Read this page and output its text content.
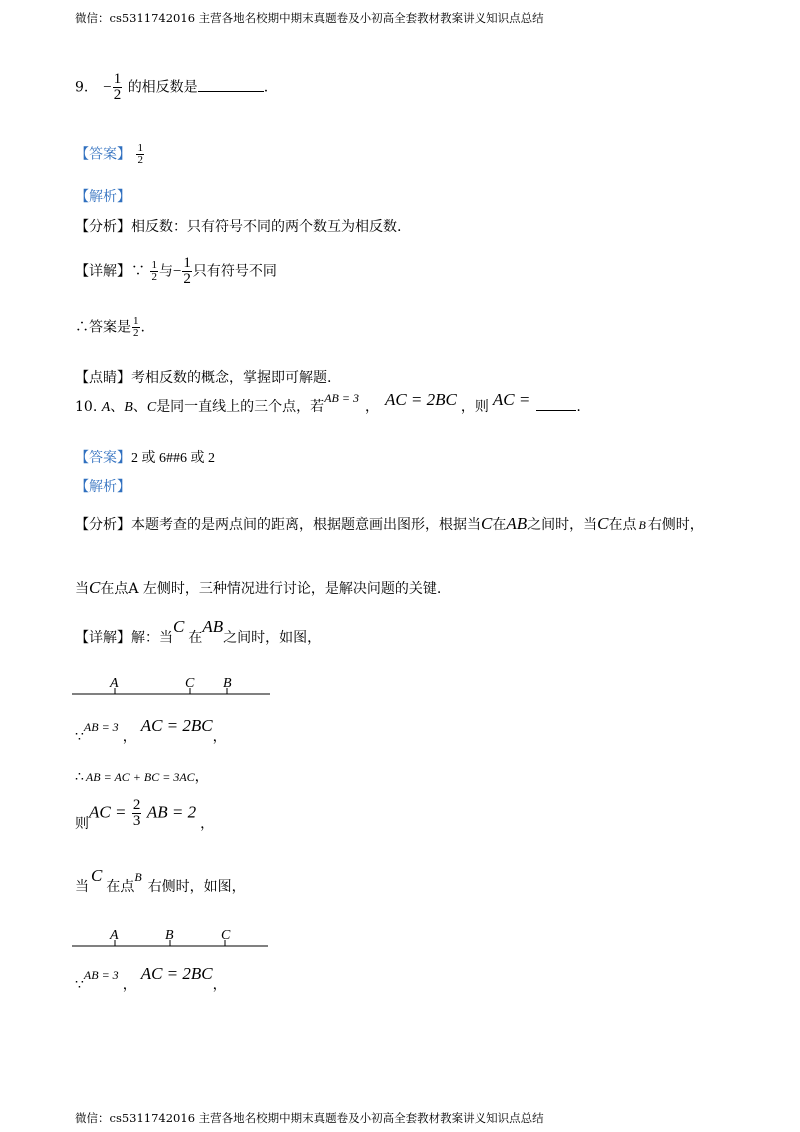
微信：cs5311742016 主营各地名校期中期末真题卷及小初高全套教材教案讲义知识点总结
9. − $\frac{1}{2}$ 的相反数是	.
【答案】 $\frac{1}{2}$
【解析】
【分析】相反数：只有符号不同的两个数互为相反数.
【详解】∵ $\frac{1}{2}$ 与− $\frac{1}{2}$ 只有符号不同
∴答案是 $\frac{1}{2}$ .
【点睛】考相反数的概念，掌握即可解题.
10. A、B、C是同一直线上的三个点，若AB = 3， AC = 2BC ，则 AC =	.
【答案】2 或 6##6 或 2
【解析】
【分析】本题考查的是两点间的距离，根据题意画出图形，根据当C在AB之间时，当C在点 B 右侧时，
当C在点A 左侧时，三种情况进行讨论，是解决问题的关键.
【详解】解：当C在AB之间时，如图，
A	C B
∵AB = 3，AC = 2BC，
∴ AB = AC + BC = 3AC，
则AC = $\frac{2}{3}$ AB = 2，
当C在点B右侧时，如图，
A	B	C
∵AB = 3，AC = 2BC，
微信：cs5311742016 主营各地名校期中期末真题卷及小初高全套教材教案讲义知识点总结
